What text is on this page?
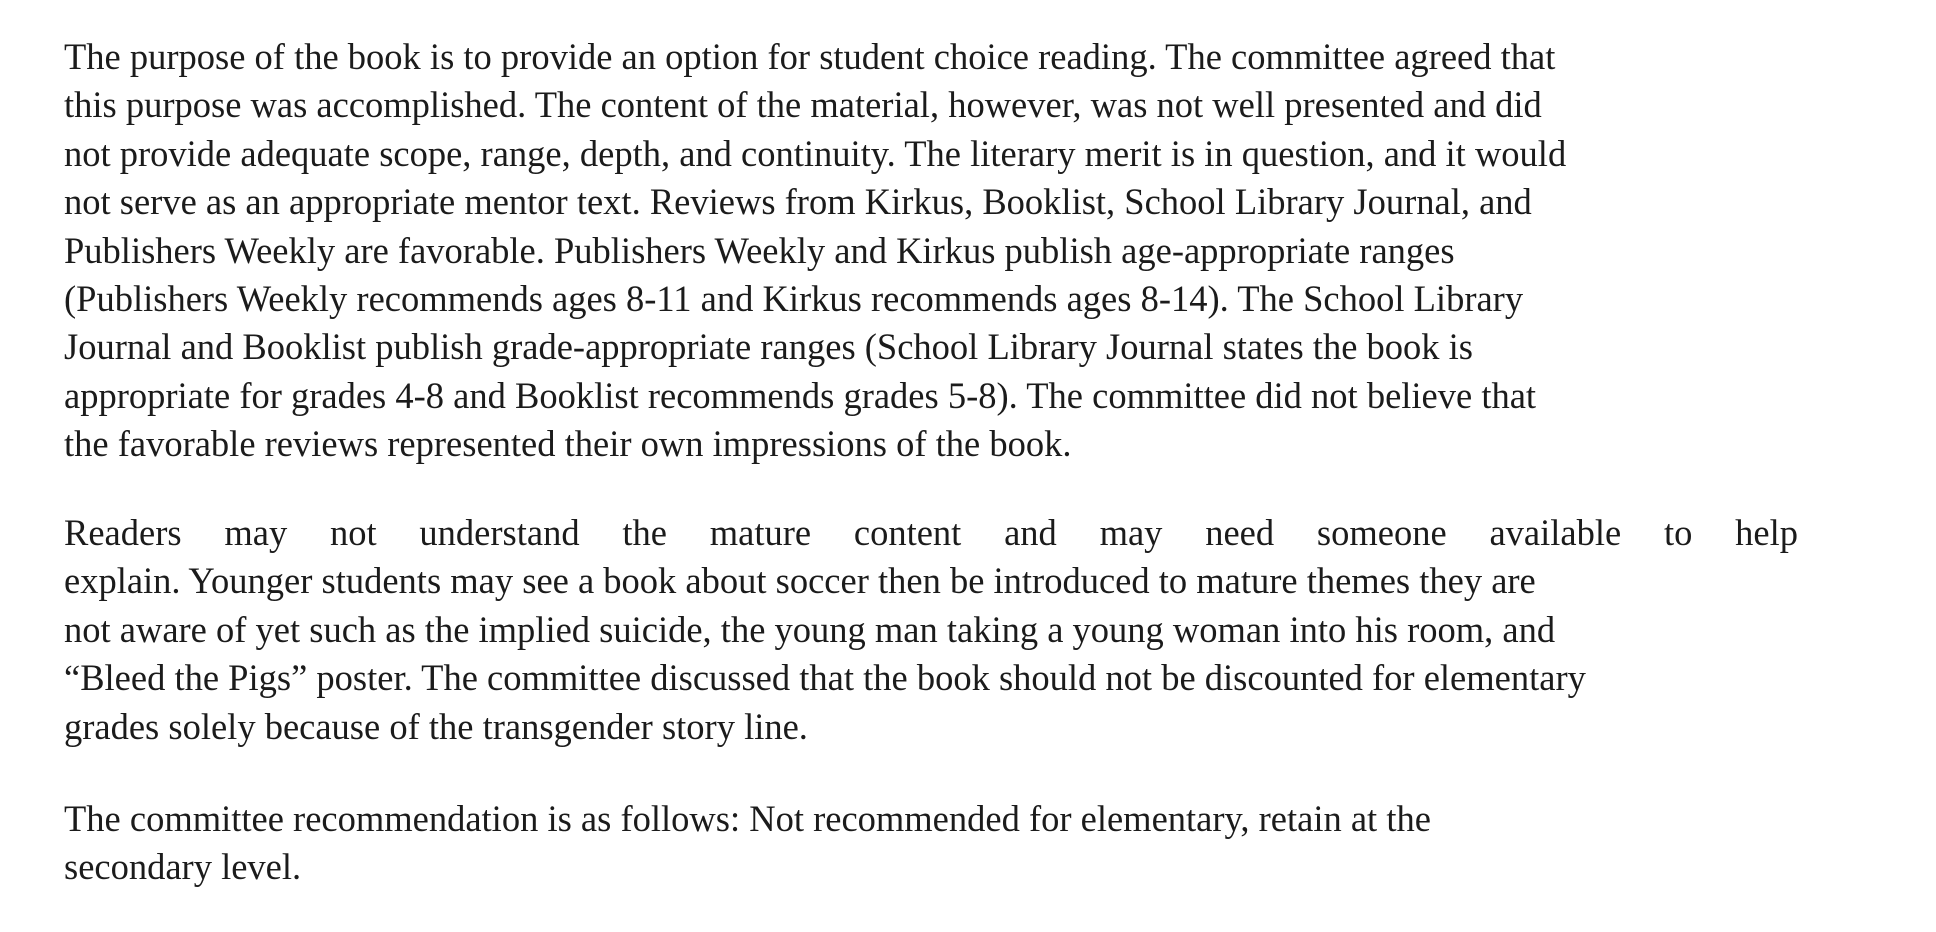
The purpose of the book is to provide an option for student choice reading. The committee agreed that
this purpose was accomplished. The content of the material, however, was not well presented and did
not provide adequate scope, range, depth, and continuity. The literary merit is in question, and it would
not serve as an appropriate mentor text. Reviews from Kirkus, Booklist, School Library Journal, and
Publishers Weekly are favorable. Publishers Weekly and Kirkus publish age-appropriate ranges
(Publishers Weekly recommends ages 8-11 and Kirkus recommends ages 8-14). The School Library
Journal and Booklist publish grade-appropriate ranges (School Library Journal states the book is
appropriate for grades 4-8 and Booklist recommends grades 5-8). The committee did not believe that
the favorable reviews represented their own impressions of the book.
Readers may not understand the mature content and may need someone available to help
explain. Younger students may see a book about soccer then be introduced to mature themes they are
not aware of yet such as the implied suicide, the young man taking a young woman into his room, and
“Bleed the Pigs” poster. The committee discussed that the book should not be discounted for elementary
grades solely because of the transgender story line.
The committee recommendation is as follows: Not recommended for elementary, retain at the
secondary level.
